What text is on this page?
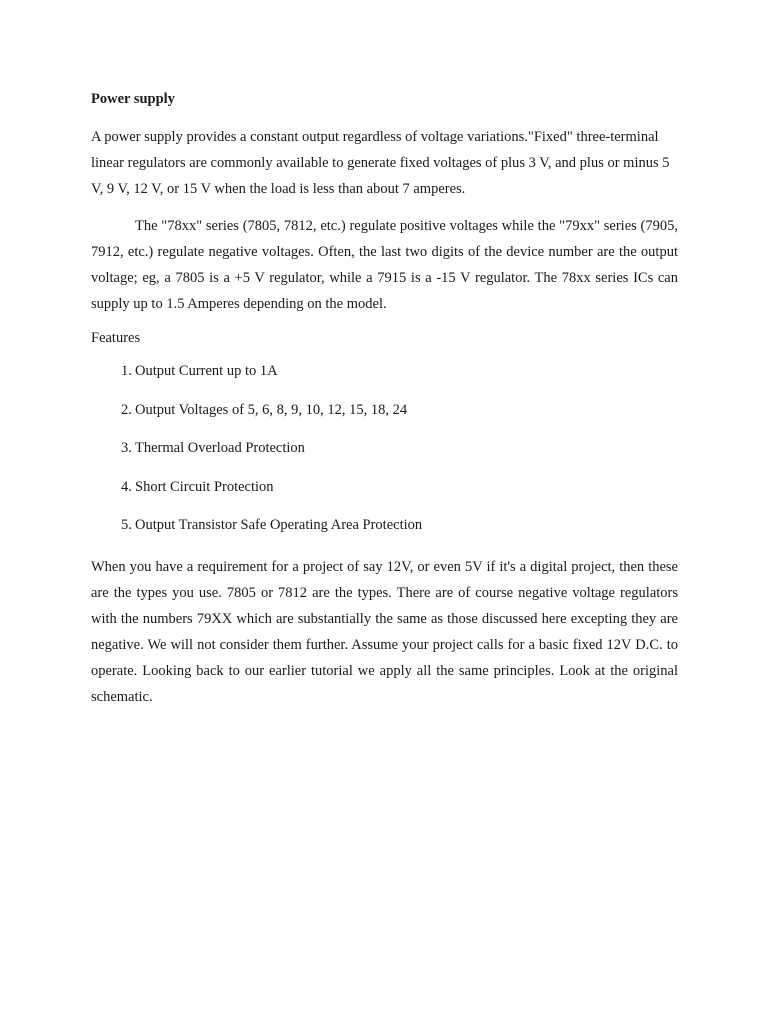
Power supply

A power supply provides a constant output regardless of voltage variations."Fixed" three-terminal linear regulators are commonly available to generate fixed voltages of plus 3 V, and plus or minus 5 V, 9 V, 12 V, or 15 V when the load is less than about 7 amperes.

The "78xx" series (7805, 7812, etc.) regulate positive voltages while the "79xx" series (7905, 7912, etc.) regulate negative voltages. Often, the last two digits of the device number are the output voltage; eg, a 7805 is a +5 V regulator, while a 7915 is a -15 V regulator. The 78xx series ICs can supply up to 1.5 Amperes depending on the model.

Features
1. Output Current up to 1A
2. Output Voltages of 5, 6, 8, 9, 10, 12, 15, 18, 24
3. Thermal Overload Protection
4. Short Circuit Protection
5. Output Transistor Safe Operating Area Protection

When you have a requirement for a project of say 12V, or even 5V if it's a digital project, then these are the types you use. 7805 or 7812 are the types. There are of course negative voltage regulators with the numbers 79XX which are substantially the same as those discussed here excepting they are negative. We will not consider them further. Assume your project calls for a basic fixed 12V D.C. to operate. Looking back to our earlier tutorial we apply all the same principles. Look at the original schematic.
